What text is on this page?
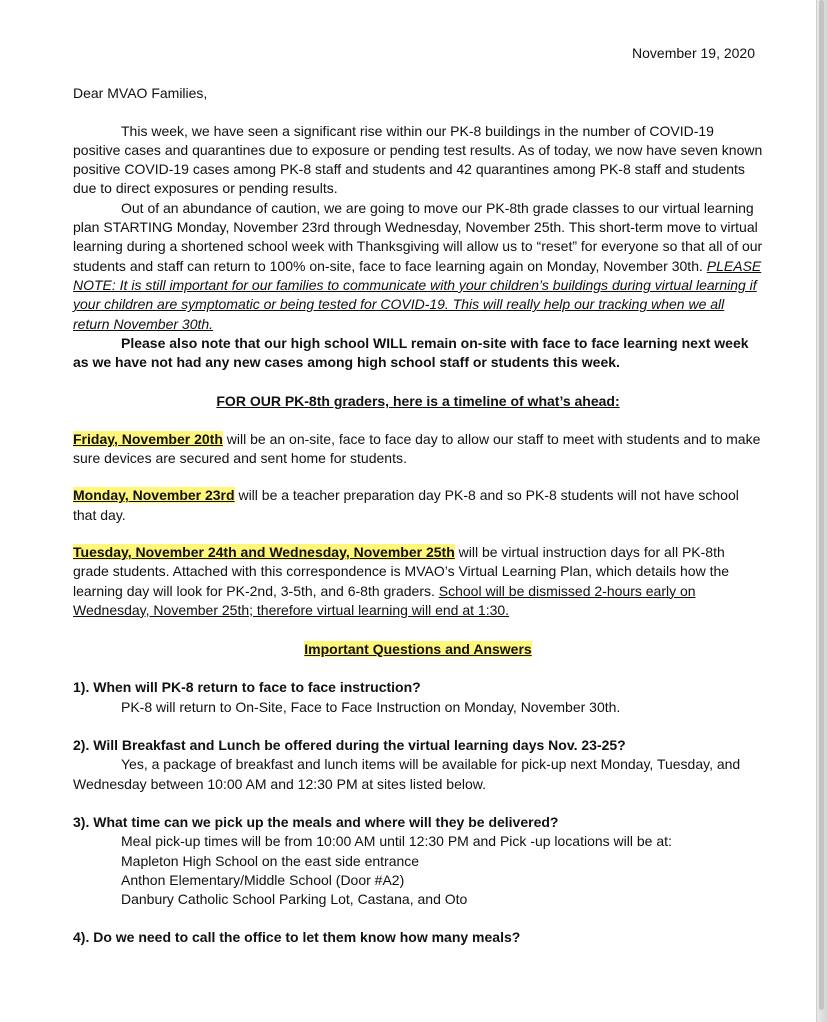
November 19, 2020

Dear MVAO Families,

This week, we have seen a significant rise within our PK-8 buildings in the number of COVID-19 positive cases and quarantines due to exposure or pending test results. As of today, we now have seven known positive COVID-19 cases among PK-8 staff and students and 42 quarantines among PK-8 staff and students due to direct exposures or pending results.

Out of an abundance of caution, we are going to move our PK-8th grade classes to our virtual learning plan STARTING Monday, November 23rd through Wednesday, November 25th. This short-term move to virtual learning during a shortened school week with Thanksgiving will allow us to “reset” for everyone so that all of our students and staff can return to 100% on-site, face to face learning again on Monday, November 30th. PLEASE NOTE: It is still important for our families to communicate with your children’s buildings during virtual learning if your children are symptomatic or being tested for COVID-19. This will really help our tracking when we all return November 30th.

Please also note that our high school WILL remain on-site with face to face learning next week as we have not had any new cases among high school staff or students this week.

FOR OUR PK-8th graders, here is a timeline of what’s ahead:

Friday, November 20th will be an on-site, face to face day to allow our staff to meet with students and to make sure devices are secured and sent home for students.

Monday, November 23rd will be a teacher preparation day PK-8 and so PK-8 students will not have school that day.

Tuesday, November 24th and Wednesday, November 25th will be virtual instruction days for all PK-8th grade students. Attached with this correspondence is MVAO’s Virtual Learning Plan, which details how the learning day will look for PK-2nd, 3-5th, and 6-8th graders. School will be dismissed 2-hours early on Wednesday, November 25th; therefore virtual learning will end at 1:30.

Important Questions and Answers

1). When will PK-8 return to face to face instruction?

PK-8 will return to On-Site, Face to Face Instruction on Monday, November 30th.

2). Will Breakfast and Lunch be offered during the virtual learning days Nov. 23-25?

Yes, a package of breakfast and lunch items will be available for pick-up next Monday, Tuesday, and Wednesday between 10:00 AM and 12:30 PM at sites listed below.

3). What time can we pick up the meals and where will they be delivered?

Meal pick-up times will be from 10:00 AM until 12:30 PM and Pick -up locations will be at:

Mapleton High School on the east side entrance

Anthon Elementary/Middle School (Door #A2)

Danbury Catholic School Parking Lot, Castana, and Oto

4). Do we need to call the office to let them know how many meals?
